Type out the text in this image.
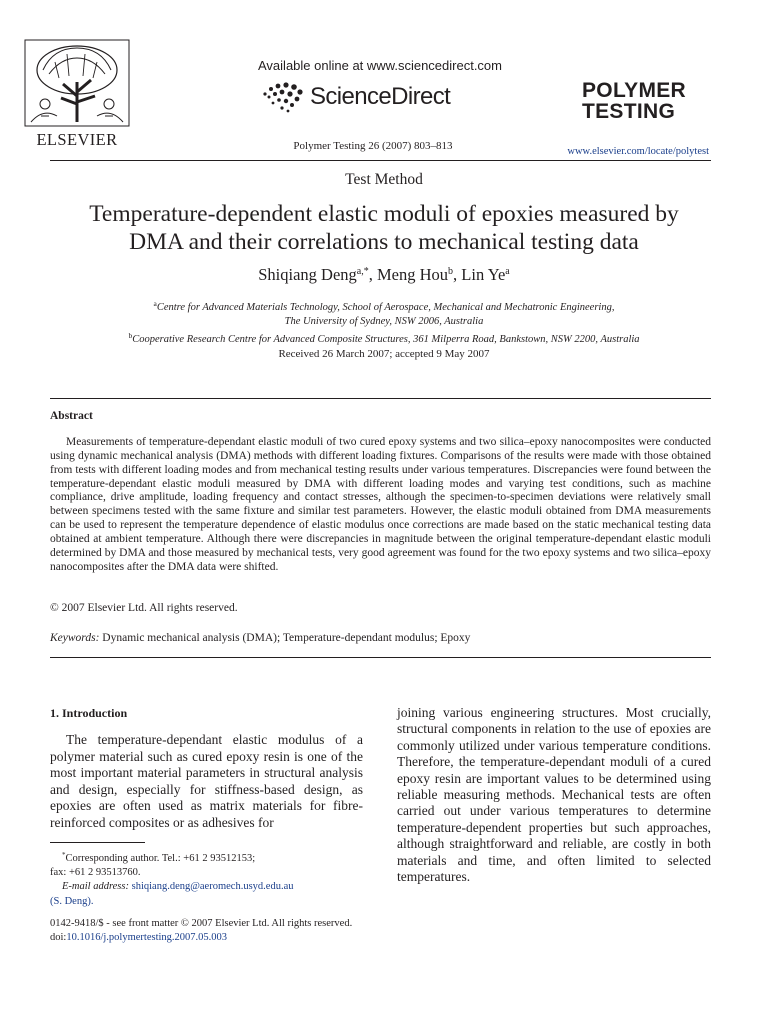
ELSEVIER
Available online at www.sciencedirect.com
ScienceDirect
Polymer Testing 26 (2007) 803–813
POLYMER
TESTING
www.elsevier.com/locate/polytest
Test Method
Temperature-dependent elastic moduli of epoxies measured by
DMA and their correlations to mechanical testing data
Shiqiang Deng$^{a,*}$, Meng Hou$^b$, Lin Ye$^a$
$^a$Centre for Advanced Materials Technology, School of Aerospace, Mechanical and Mechatronic Engineering,
The University of Sydney, NSW 2006, Australia
$^b$Cooperative Research Centre for Advanced Composite Structures, 361 Milperra Road, Bankstown, NSW 2200, Australia
Received 26 March 2007; accepted 9 May 2007
Abstract

Measurements of temperature-dependant elastic moduli of two cured epoxy systems and two silica–epoxy nanocomposites were conducted using dynamic mechanical analysis (DMA) methods with different loading fixtures. Comparisons of the results were made with those obtained from tests with different loading modes and from mechanical testing results under various temperatures. Discrepancies were found between the temperature-dependant elastic moduli measured by DMA with different loading modes and varying test conditions, such as machine compliance, drive amplitude, loading frequency and contact stresses, although the specimen-to-specimen deviations were relatively small between specimens tested with the same fixture and similar test parameters. However, the elastic moduli obtained from DMA measurements can be used to represent the temperature dependence of elastic modulus once corrections are made based on the static mechanical testing data obtained at ambient temperature. Although there were discrepancies in magnitude between the original temperature-dependant elastic moduli determined by DMA and those measured by mechanical tests, very good agreement was found for the two epoxy systems and two silica–epoxy nanocomposites after the DMA data were shifted.

© 2007 Elsevier Ltd. All rights reserved.
Keywords: Dynamic mechanical analysis (DMA); Temperature-dependant modulus; Epoxy
1. Introduction

The temperature-dependant elastic modulus of a polymer material such as cured epoxy resin is one of the most important material parameters in structural analysis and design, especially for stiffness-based design, as epoxies are often used as matrix materials for fibre-reinforced composites or as adhesives for

joining various engineering structures. Most crucially, structural components in relation to the use of epoxies are commonly utilized under various temperature conditions. Therefore, the temperature-dependant moduli of a cured epoxy resin are important values to be determined using reliable measuring methods. Mechanical tests are often carried out under various temperatures to determine temperature-dependent properties but such approaches, although straightforward and reliable, are costly in both materials and time, and often limited to selected temperatures.

*Corresponding author. Tel.: +61 2 93512153;
fax: +61 2 93513760.
E-mail address: shiqiang.deng@aeromech.usyd.edu.au
(S. Deng).
0142-9418/$ - see front matter © 2007 Elsevier Ltd. All rights reserved.
doi:10.1016/j.polymertesting.2007.05.003
